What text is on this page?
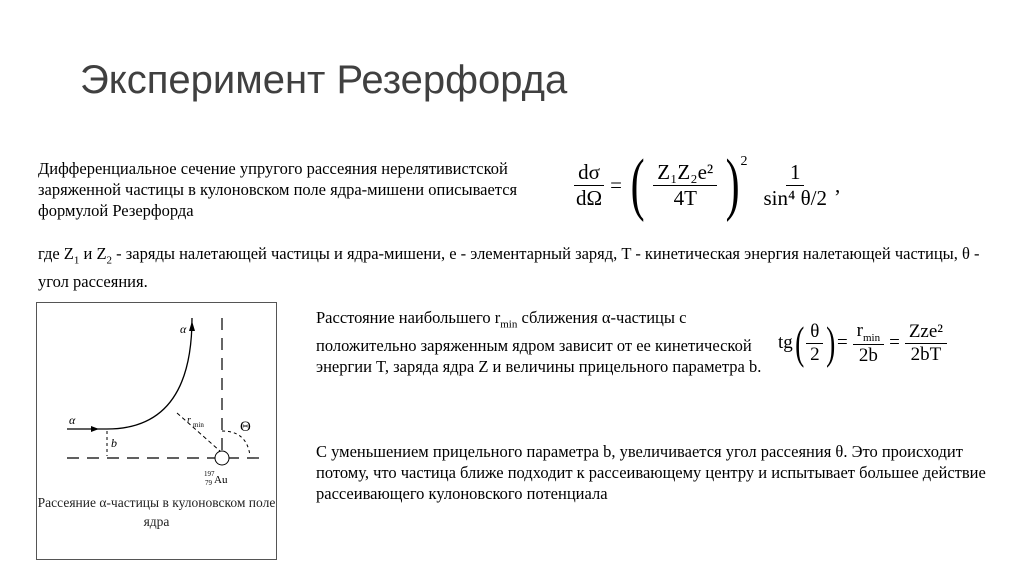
Эксперимент Резерфорда
Дифференциальное сечение упругого рассеяния нерелятивистской заряженной частицы в кулоновском поле ядра-мишени описывается формулой Резерфорда	$\frac{d\sigma}{d\Omega}$ = ( $\frac{\text{Z₁Z₂e²}}{4T} )^2 \frac{1}{\text{sin⁴ θ/2}}$ ,
где $Z_1$ и $Z_2$ - заряды налетающей частицы и ядра-мишени, e - элементарный заряд, T - кинетическая энергия налетающей частицы, θ - угол рассеяния.
α
α
b
r min Θ
197
79 Au
Рассеяние α-частицы в кулоновском поле ядра
Расстояние наибольшего $r_{min}$ сближения α-частицы с положительно заряженным ядром зависит от ее кинетической энергии T, заряда ядра Z и величины прицельного параметра b.
tg ( $\frac{\theta}{2}$ ) = $\frac{r_{min}}{2b} = \frac{\text{Zze²}}{2bT}$
С уменьшением прицельного параметра b, увеличивается угол рассеяния θ. Это происходит потому, что частица ближе подходит к рассеивающему центру и испытывает большее действие рассеивающего кулоновского потенциала
